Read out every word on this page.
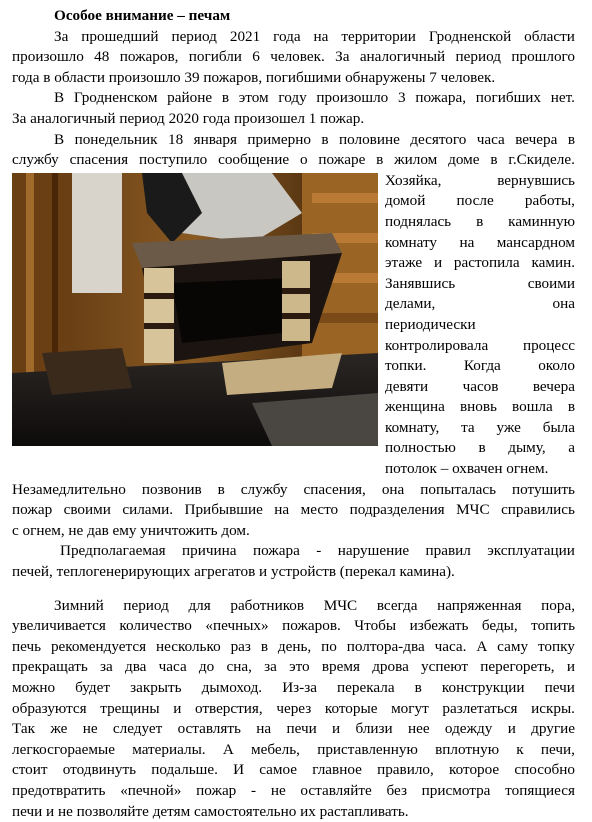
Особое внимание – печам
За прошедший период 2021 года на территории Гродненской области
произошло 48 пожаров, погибли 6 человек. За аналогичный период прошлого
года в области произошло 39 пожаров, погибшими обнаружены 7 человек.
В Гродненском районе в этом году произошло 3 пожара, погибших нет.
За аналогичный период 2020 года произошел 1 пожар.
В понедельник 18 января примерно в половине десятого часа вечера в
службу спасения поступило сообщение о пожаре в жилом доме в г.Скиделе.
Хозяйка,	вернувшись
домой после работы,
поднялась в каминную
комнату на мансардном
этаже и растопила камин.
Занявшись	своими
делами,	она
периодически
контролировала процесс
топки. Когда около
девяти часов вечера
женщина вновь вошла в
комнату, та уже была
полностью в дыму, а
потолок – охвачен огнем.
Незамедлительно позвонив в службу спасения, она попыталась потушить
пожар своими силами. Прибывшие на место подразделения МЧС справились
с огнем, не дав ему уничтожить дом.
Предполагаемая причина пожара - нарушение правил эксплуатации
печей, теплогенерирующих агрегатов и устройств (перекал камина).
Зимний период для работников МЧС всегда напряженная пора,
увеличивается количество «печных» пожаров. Чтобы избежать беды, топить
печь рекомендуется несколько раз в день, по полтора-два часа. А саму топку
прекращать за два часа до сна, за это время дрова успеют перегореть, и
можно будет закрыть дымоход. Из-за перекала в конструкции печи
образуются трещины и отверстия, через которые могут разлетаться искры.
Так же не следует оставлять на печи и близи нее одежду и другие
легкосгораемые материалы. А мебель, приставленную вплотную к печи,
стоит отодвинуть подальше. И самое главное правило, которое способно
предотвратить «печной» пожар - не оставляйте без присмотра топящиеся
печи и не позволяйте детям самостоятельно их растапливать.
